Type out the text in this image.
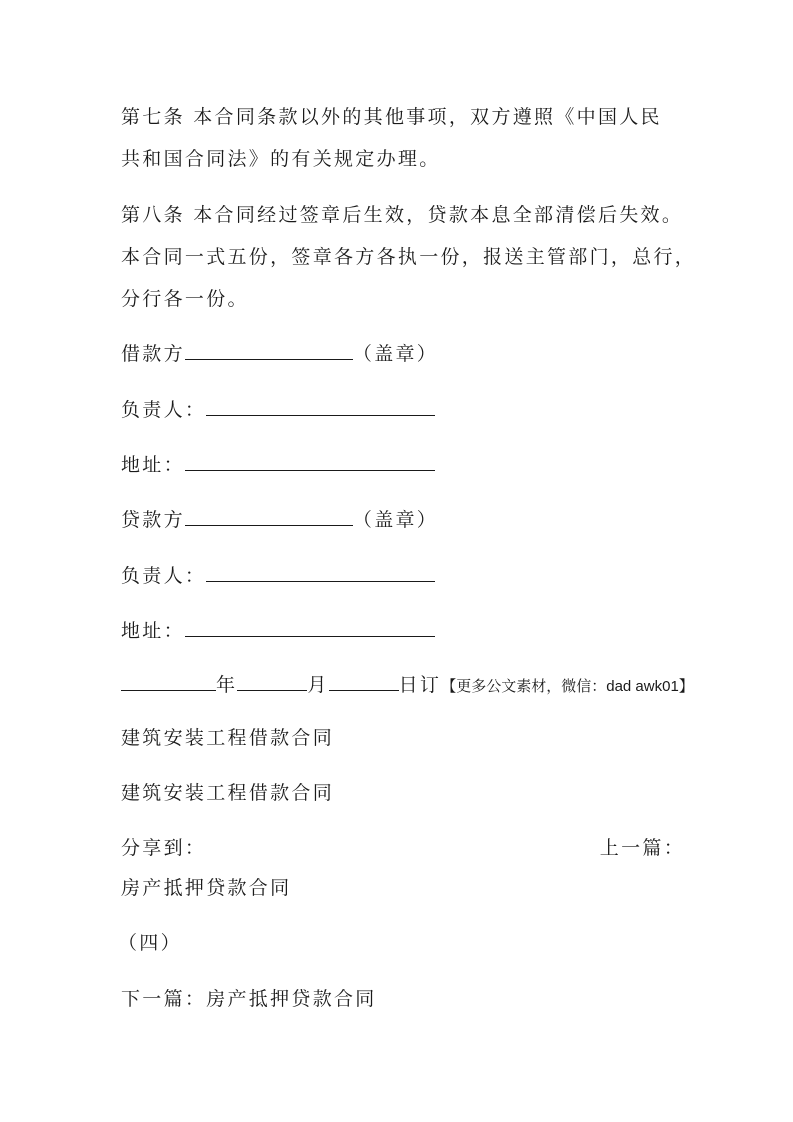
第七条 本合同条款以外的其他事项，双方遵照《中国人民
共和国合同法》的有关规定办理。
第八条 本合同经过签章后生效，贷款本息全部清偿后失效。
本合同一式五份，签章各方各执一份，报送主管部门，总行，
分行各一份。
借款方	（盖章）
负责人：
地址：
贷款方	（盖章）
负责人：
地址：
年	月	日订【更多公文素材，微信：dad awk01】
建筑安装工程借款合同
建筑安装工程借款合同
分享到：	上一篇：
房产抵押贷款合同
（四）
下一篇：房产抵押贷款合同
